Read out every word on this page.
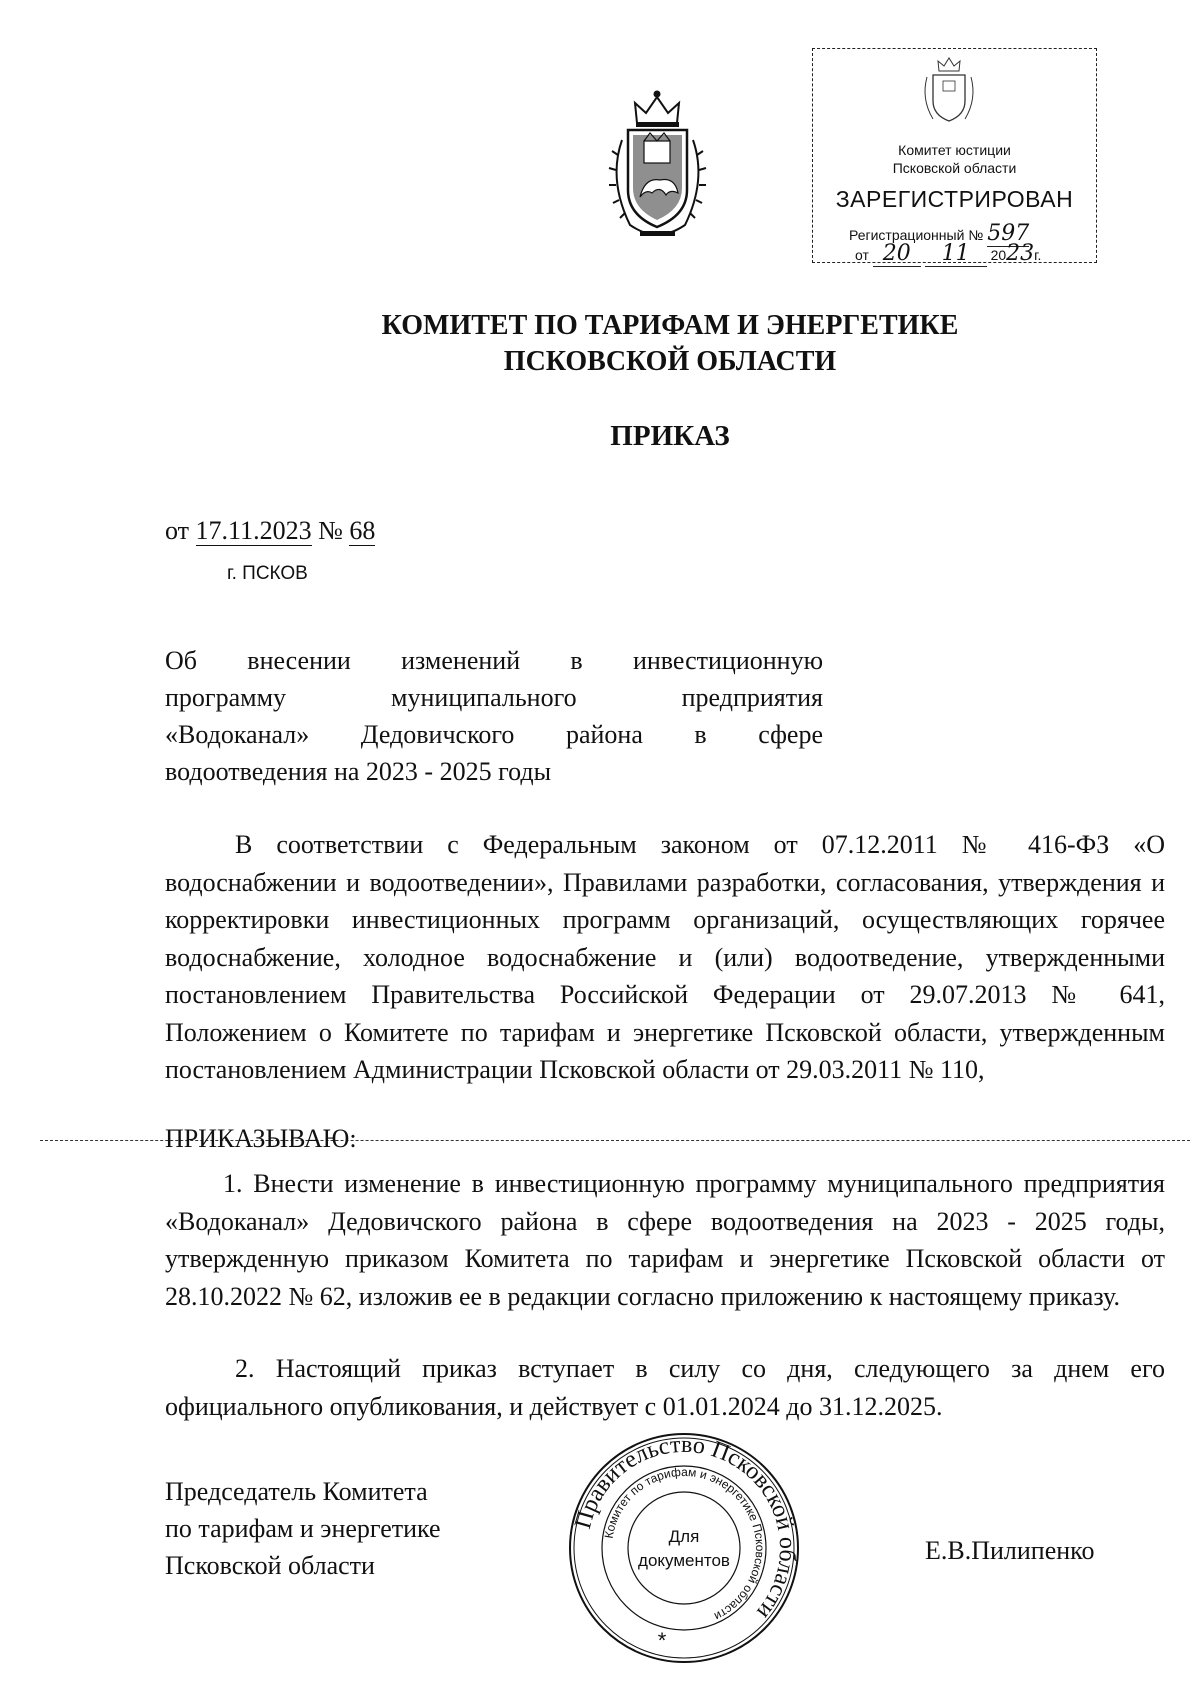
Комитет юстиции
Псковской области
ЗАРЕГИСТРИРОВАН
Регистрационный № 597
от 20 11 2023г.
КОМИТЕТ ПО ТАРИФАМ И ЭНЕРГЕТИКЕ
ПСКОВСКОЙ ОБЛАСТИ
ПРИКАЗ
от 17.11.2023 № 68
г. ПСКОВ
Об внесении изменений в инвестиционную
программу муниципального предприятия
«Водоканал» Дедовичского района в сфере
водоотведения на 2023 - 2025 годы
В соответствии с Федеральным законом от 07.12.2011 № 416-ФЗ «О водоснабжении и водоотведении», Правилами разработки, согласования, утверждения и корректировки инвестиционных программ организаций, осуществляющих горячее водоснабжение, холодное водоснабжение и (или) водоотведение, утвержденными постановлением Правительства Российской Федерации от 29.07.2013 № 641, Положением о Комитете по тарифам и энергетике Псковской области, утвержденным постановлением Администрации Псковской области от 29.03.2011 № 110,
ПРИКАЗЫВАЮ:
1. Внести изменение в инвестиционную программу муниципального предприятия «Водоканал» Дедовичского района в сфере водоотведения на 2023 - 2025 годы, утвержденную приказом Комитета по тарифам и энергетике Псковской области от 28.10.2022 № 62, изложив ее в редакции согласно приложению к настоящему приказу.
2. Настоящий приказ вступает в силу со дня, следующего за днем его официального опубликования, и действует с 01.01.2024 до 31.12.2025.
Председатель Комитета
по тарифам и энергетике
Псковской области
Е.В.Пилипенко
Правительство Псковской области
Комитет по тарифам и энергетике Псковской области
Для
документов
*
